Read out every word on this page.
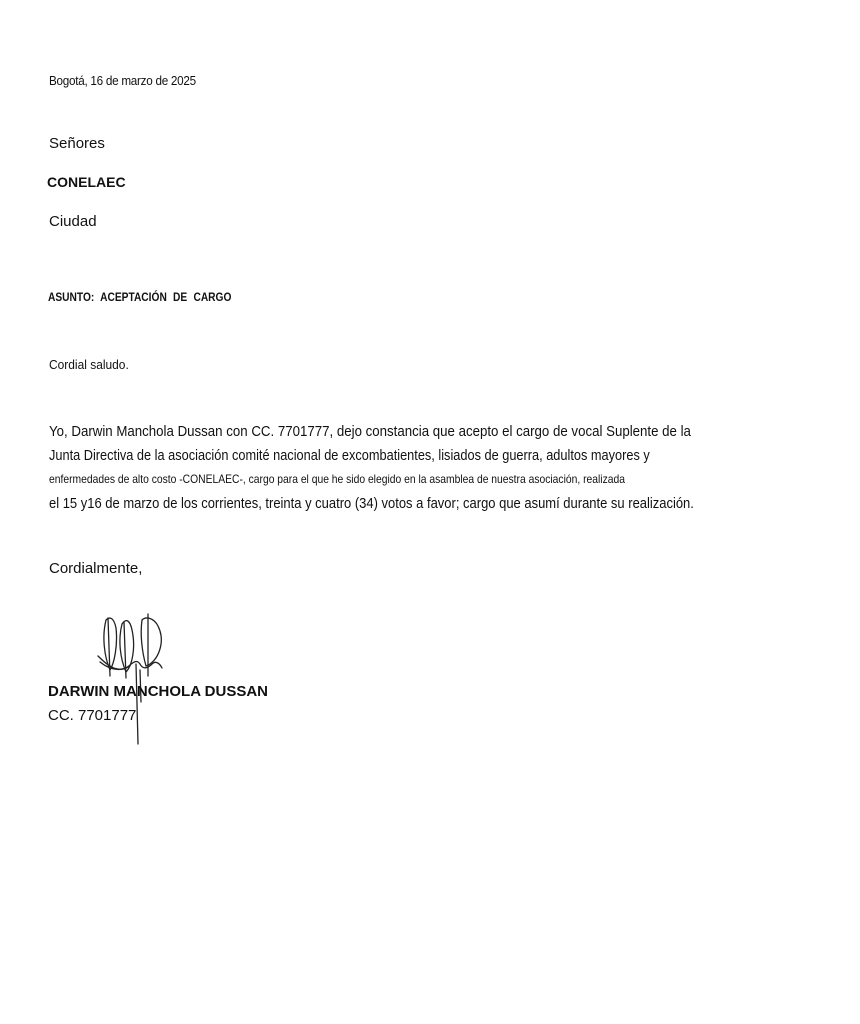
Bogotá, 16 de marzo de 2025
Señores
CONELAEC
Ciudad
ASUNTO: ACEPTACIÓN DE CARGO
Cordial saludo.
Yo, Darwin Manchola Dussan con CC. 7701777, dejo constancia que acepto el cargo de vocal Suplente de la
Junta Directiva de la asociación comité nacional de excombatientes, lisiados de guerra, adultos mayores y
enfermedades de alto costo -CONELAEC-, cargo para el que he sido elegido en la asamblea de nuestra asociación, realizada
el 15 y16 de marzo de los corrientes, treinta y cuatro (34) votos a favor; cargo que asumí durante su realización.
Cordialmente,
DARWIN MANCHOLA DUSSAN
CC. 7701777
